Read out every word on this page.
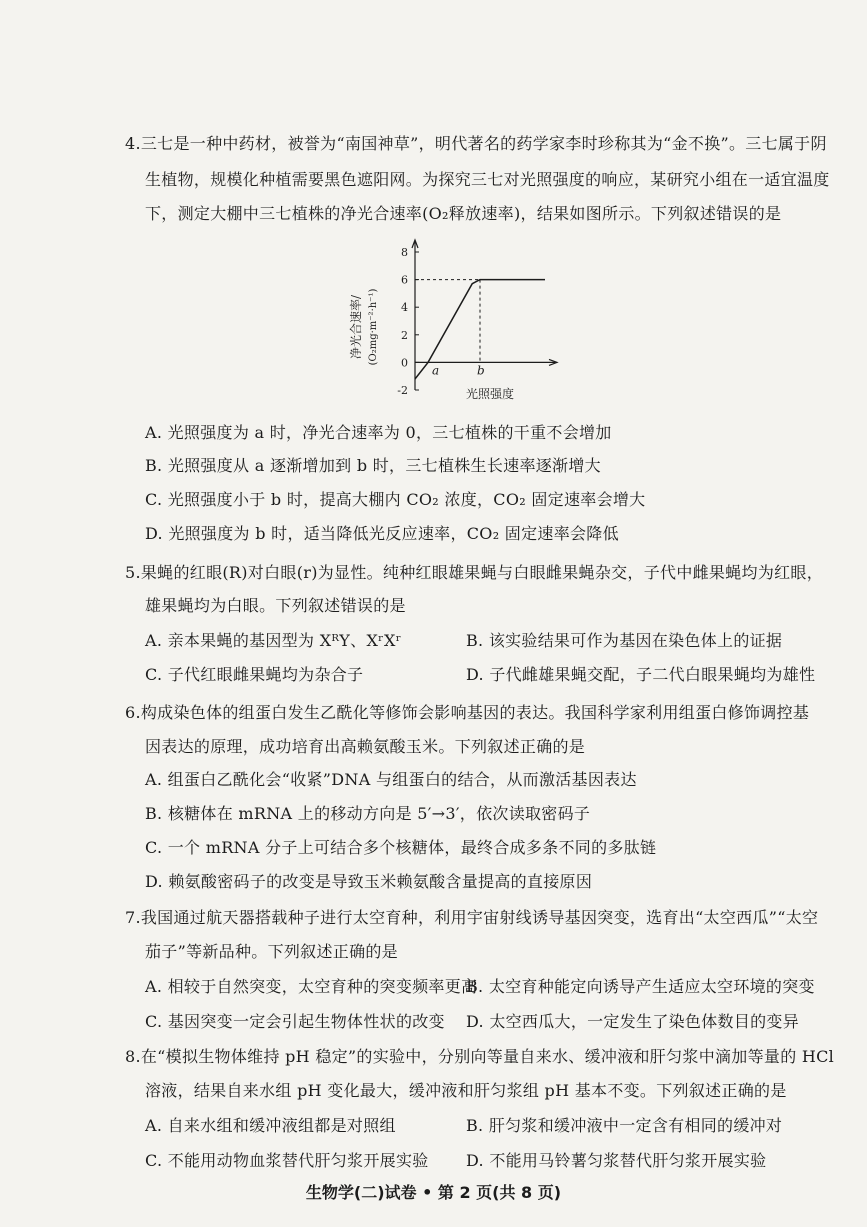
4.三七是一种中药材，被誉为“南国神草”，明代著名的药学家李时珍称其为“金不换”。三七属于阴
生植物，规模化种植需要黑色遮阳网。为探究三七对光照强度的响应，某研究小组在一适宜温度
下，测定大棚中三七植株的净光合速率(O₂释放速率)，结果如图所示。下列叙述错误的是
净光合速率/ (O₂mg·m⁻²·h⁻¹)
8
6
4
2
0
-2
a	b
光照强度
A. 光照强度为 a 时，净光合速率为 0，三七植株的干重不会增加
B. 光照强度从 a 逐渐增加到 b 时，三七植株生长速率逐渐增大
C. 光照强度小于 b 时，提高大棚内 CO₂ 浓度，CO₂ 固定速率会增大
D. 光照强度为 b 时，适当降低光反应速率，CO₂ 固定速率会降低
5.果蝇的红眼(R)对白眼(r)为显性。纯种红眼雄果蝇与白眼雌果蝇杂交，子代中雌果蝇均为红眼，
雄果蝇均为白眼。下列叙述错误的是
A. 亲本果蝇的基因型为 XᴿY、XʳXʳ	B. 该实验结果可作为基因在染色体上的证据
C. 子代红眼雌果蝇均为杂合子	D. 子代雌雄果蝇交配，子二代白眼果蝇均为雄性
6.构成染色体的组蛋白发生乙酰化等修饰会影响基因的表达。我国科学家利用组蛋白修饰调控基
因表达的原理，成功培育出高赖氨酸玉米。下列叙述正确的是
A. 组蛋白乙酰化会“收紧”DNA 与组蛋白的结合，从而激活基因表达
B. 核糖体在 mRNA 上的移动方向是 5′→3′，依次读取密码子
C. 一个 mRNA 分子上可结合多个核糖体，最终合成多条不同的多肽链
D. 赖氨酸密码子的改变是导致玉米赖氨酸含量提高的直接原因
7.我国通过航天器搭载种子进行太空育种，利用宇宙射线诱导基因突变，选育出“太空西瓜”“太空
茄子”等新品种。下列叙述正确的是
A. 相较于自然突变，太空育种的突变频率更高
B. 太空育种能定向诱导产生适应太空环境的突变
C. 基因突变一定会引起生物体性状的改变 D. 太空西瓜大，一定发生了染色体数目的变异
8.在“模拟生物体维持 pH 稳定”的实验中，分别向等量自来水、缓冲液和肝匀浆中滴加等量的 HCl
溶液，结果自来水组 pH 变化最大，缓冲液和肝匀浆组 pH 基本不变。下列叙述正确的是
A. 自来水组和缓冲液组都是对照组	B. 肝匀浆和缓冲液中一定含有相同的缓冲对
C. 不能用动物血浆替代肝匀浆开展实验 D. 不能用马铃薯匀浆替代肝匀浆开展实验
生物学(二)试卷 • 第 2 页(共 8 页)
